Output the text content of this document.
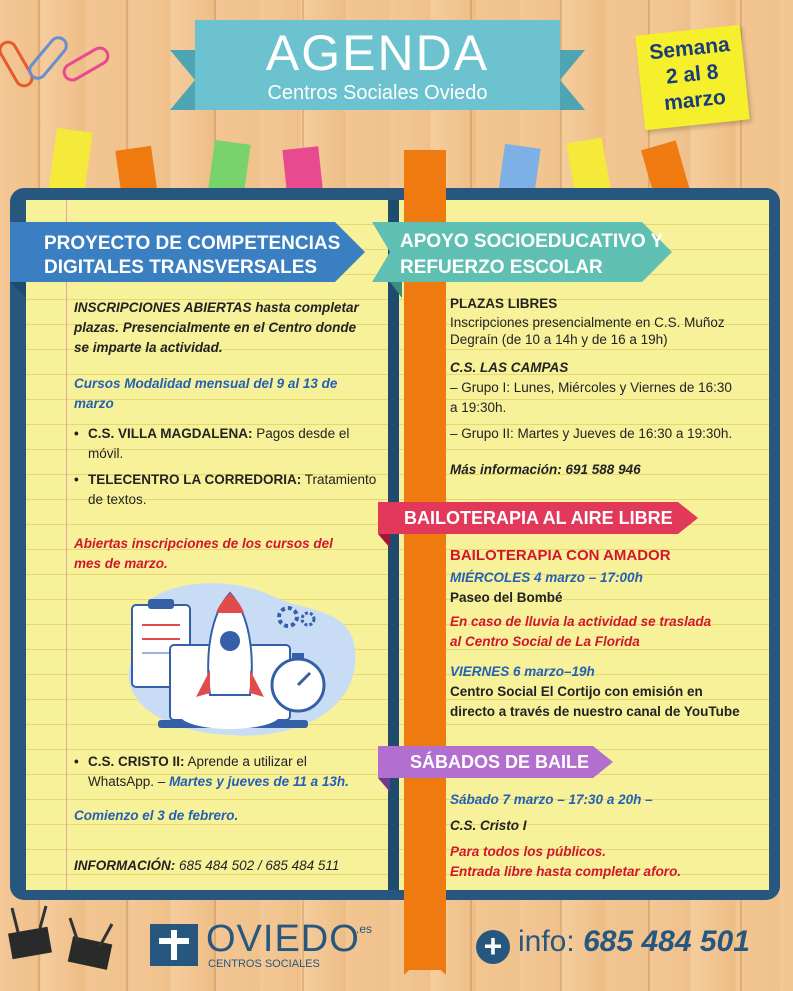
AGENDA
Centros Sociales Oviedo
Semana
2 al 8
marzo
PROYECTO DE COMPETENCIAS
DIGITALES TRANSVERSALES
APOYO SOCIOEDUCATIVO Y
REFUERZO ESCOLAR
INSCRIPCIONES ABIERTAS hasta completar
plazas. Presencialmente en el Centro donde
se imparte la actividad.
Cursos Modalidad mensual del 9 al 13 de
marzo
• C.S. VILLA MAGDALENA: Pagos desde el
móvil.
• TELECENTRO LA CORREDORIA: Tratamiento
de textos.
Abiertas inscripciones de los cursos del
mes de marzo.
• C.S. CRISTO II: Aprende a utilizar el
WhatsApp. – Martes y jueves de 11 a 13h.
Comienzo el 3 de febrero.
INFORMACIÓN: 685 484 502 / 685 484 511
PLAZAS LIBRES
Inscripciones presencialmente en C.S. Muñoz
Degraín (de 10 a 14h y de 16 a 19h)
C.S. LAS CAMPAS
– Grupo I: Lunes, Miércoles y Viernes de 16:30
a 19:30h.
– Grupo II: Martes y Jueves de 16:30 a 19:30h.
Más información: 691 588 946
BAILOTERAPIA AL AIRE LIBRE
BAILOTERAPIA CON AMADOR
MIÉRCOLES 4 marzo – 17:00h
Paseo del Bombé
En caso de lluvia la actividad se traslada
al Centro Social de La Florida
VIERNES 6 marzo–19h
Centro Social El Cortijo con emisión en
directo a través de nuestro canal de YouTube
SÁBADOS DE BAILE
Sábado 7 marzo – 17:30 a 20h –
C.S. Cristo I
Para todos los públicos.
Entrada libre hasta completar aforo.
OVIEDO
.es
CENTROS SOCIALES	+ info: 685 484 501
